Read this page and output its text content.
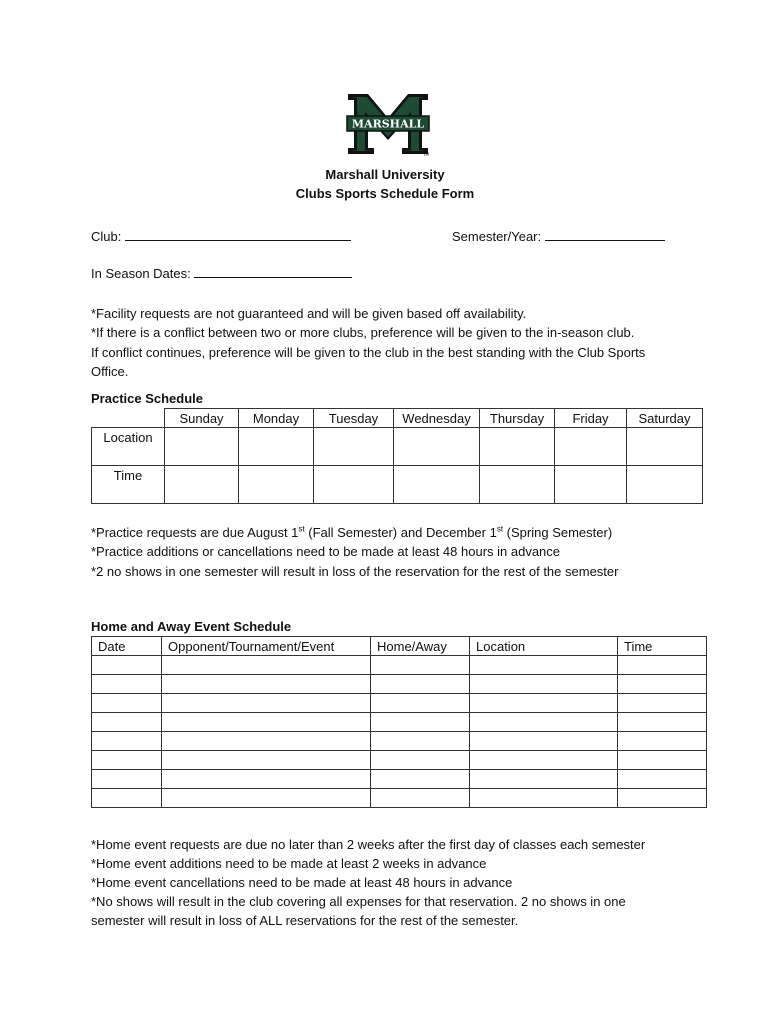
MARSHALL
TM
Marshall University
Clubs Sports Schedule Form
Club:	Semester/Year:
In Season Dates:
*Facility requests are not guaranteed and will be given based off availability.
*If there is a conflict between two or more clubs, preference will be given to the in-season club.
If conflict continues, preference will be given to the club in the best standing with the Club Sports
Office.
Practice Schedule
	Sunday	Monday	Tuesday	Wednesday	Thursday	Friday	Saturday
Location							
Time							
*Practice requests are due August 1st (Fall Semester) and December 1st (Spring Semester)
*Practice additions or cancellations need to be made at least 48 hours in advance
*2 no shows in one semester will result in loss of the reservation for the rest of the semester
Home and Away Event Schedule
Date	Opponent/Tournament/Event	Home/Away	Location	Time

*Home event requests are due no later than 2 weeks after the first day of classes each semester
*Home event additions need to be made at least 2 weeks in advance
*Home event cancellations need to be made at least 48 hours in advance
*No shows will result in the club covering all expenses for that reservation. 2 no shows in one
semester will result in loss of ALL reservations for the rest of the semester.
